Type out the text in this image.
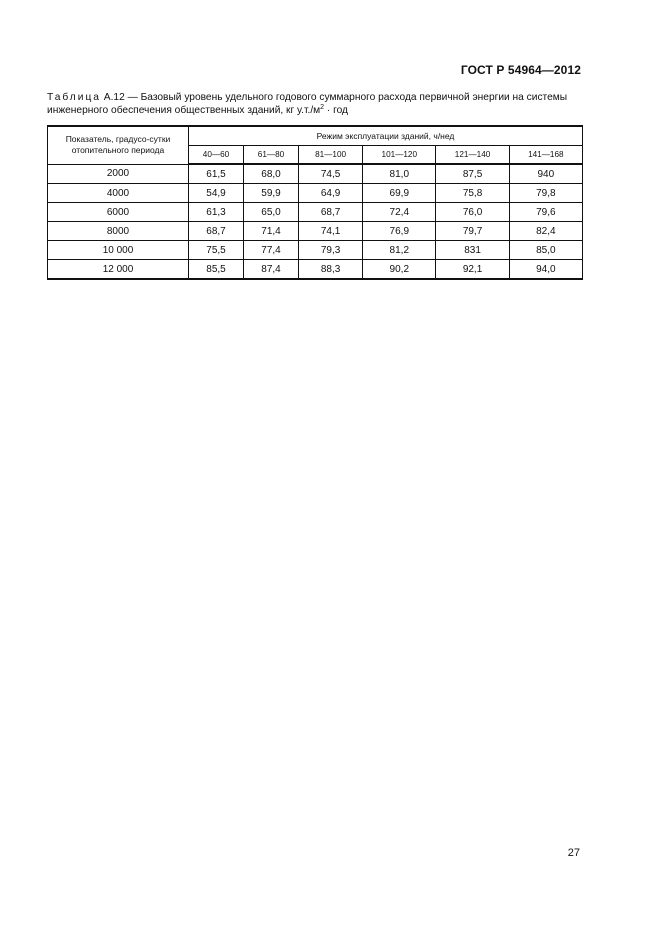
ГОСТ Р 54964—2012
Таблица А.12 — Базовый уровень удельного годового суммарного расхода первичной энергии на системы инженерного обеспечения общественных зданий, кг $у.т./м^2$ · год
Показатель, градусо-сутки отопительного периода	Режим эксплуатации зданий, ч/нед					
	40—60	61—80	81—100	101—120	121—140	141—168
2000	61,5	68,0	74,5	81,0	87,5	940
4000	54,9	59,9	64,9	69,9	75,8	79,8
6000	61,3	65,0	68,7	72,4	76,0	79,6
8000	68,7	71,4	74,1	76,9	79,7	82,4
10 000	75,5	77,4	79,3	81,2	831	85,0
12 000	85,5	87,4	88,3	90,2	92,1	94,0
27
